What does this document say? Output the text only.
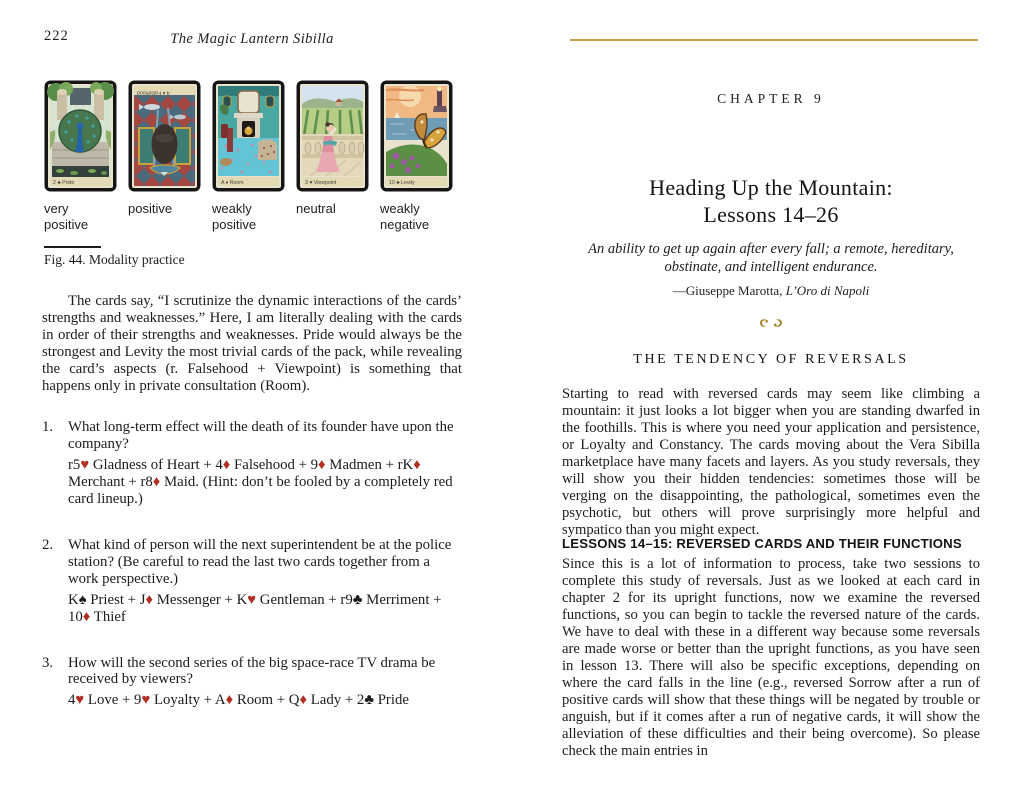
222	The Magic Lantern Sibilla
2 ♣ Pride
4 ♦ Falsehood
A ♦ Room	3 ♥ Viewpoint	10 ♣ Levity
very positive
positive	weakly positive
neutral	weakly negative
Fig. 44. Modality practice

The cards say, “I scrutinize the dynamic interactions of the cards’ strengths and weaknesses.” Here, I am literally dealing with the cards in order of their strengths and weaknesses. Pride would always be the strongest and Levity the most trivial cards of the pack, while revealing the card’s aspects (r. Falsehood + Viewpoint) is something that happens only in private consultation (Room).

1.	What long-term effect will the death of its founder have upon the company?
r5♥ Gladness of Heart + 4♦ Falsehood + 9♦ Madmen + rK♦ Merchant + r8♦ Maid. (Hint: don’t be fooled by a completely red card lineup.)
2.	What kind of person will the next superintendent be at the police station? (Be careful to read the last two cards together from a work perspective.)
K♠ Priest + J♦ Messenger + K♥ Gentleman + r9♣ Merriment + 10♦ Thief
3.	How will the second series of the big space-race TV drama be received by viewers?
4♥ Love + 9♥ Loyalty + A♦ Room + Q♦ Lady + 2♣ Pride
CHAPTER 9
Heading Up the Mountain:
Lessons 14–26
An ability to get up again after every fall; a remote, hereditary, obstinate, and intelligent endurance.
—Giuseppe Marotta, L’Oro di Napoli
THE TENDENCY OF REVERSALS

Starting to read with reversed cards may seem like climbing a mountain: it just looks a lot bigger when you are standing dwarfed in the foothills. This is where you need your application and persistence, or Loyalty and Constancy. The cards moving about the Vera Sibilla marketplace have many facets and layers. As you study reversals, they will show you their hidden tendencies: sometimes those will be verging on the disappointing, the pathological, sometimes even the psychotic, but others will prove surprisingly more helpful and sympatico than you might expect.

LESSONS 14–15: REVERSED CARDS AND THEIR FUNCTIONS

Since this is a lot of information to process, take two sessions to complete this study of reversals. Just as we looked at each card in chapter 2 for its upright functions, now we examine the reversed functions, so you can begin to tackle the reversed nature of the cards. We have to deal with these in a different way because some reversals are made worse or better than the upright functions, as you have seen in lesson 13. There will also be specific exceptions, depending on where the card falls in the line (e.g., reversed Sorrow after a run of positive cards will show that these things will be negated by trouble or anguish, but if it comes after a run of negative cards, it will show the alleviation of these difficulties and their being overcome). So please check the main entries in
